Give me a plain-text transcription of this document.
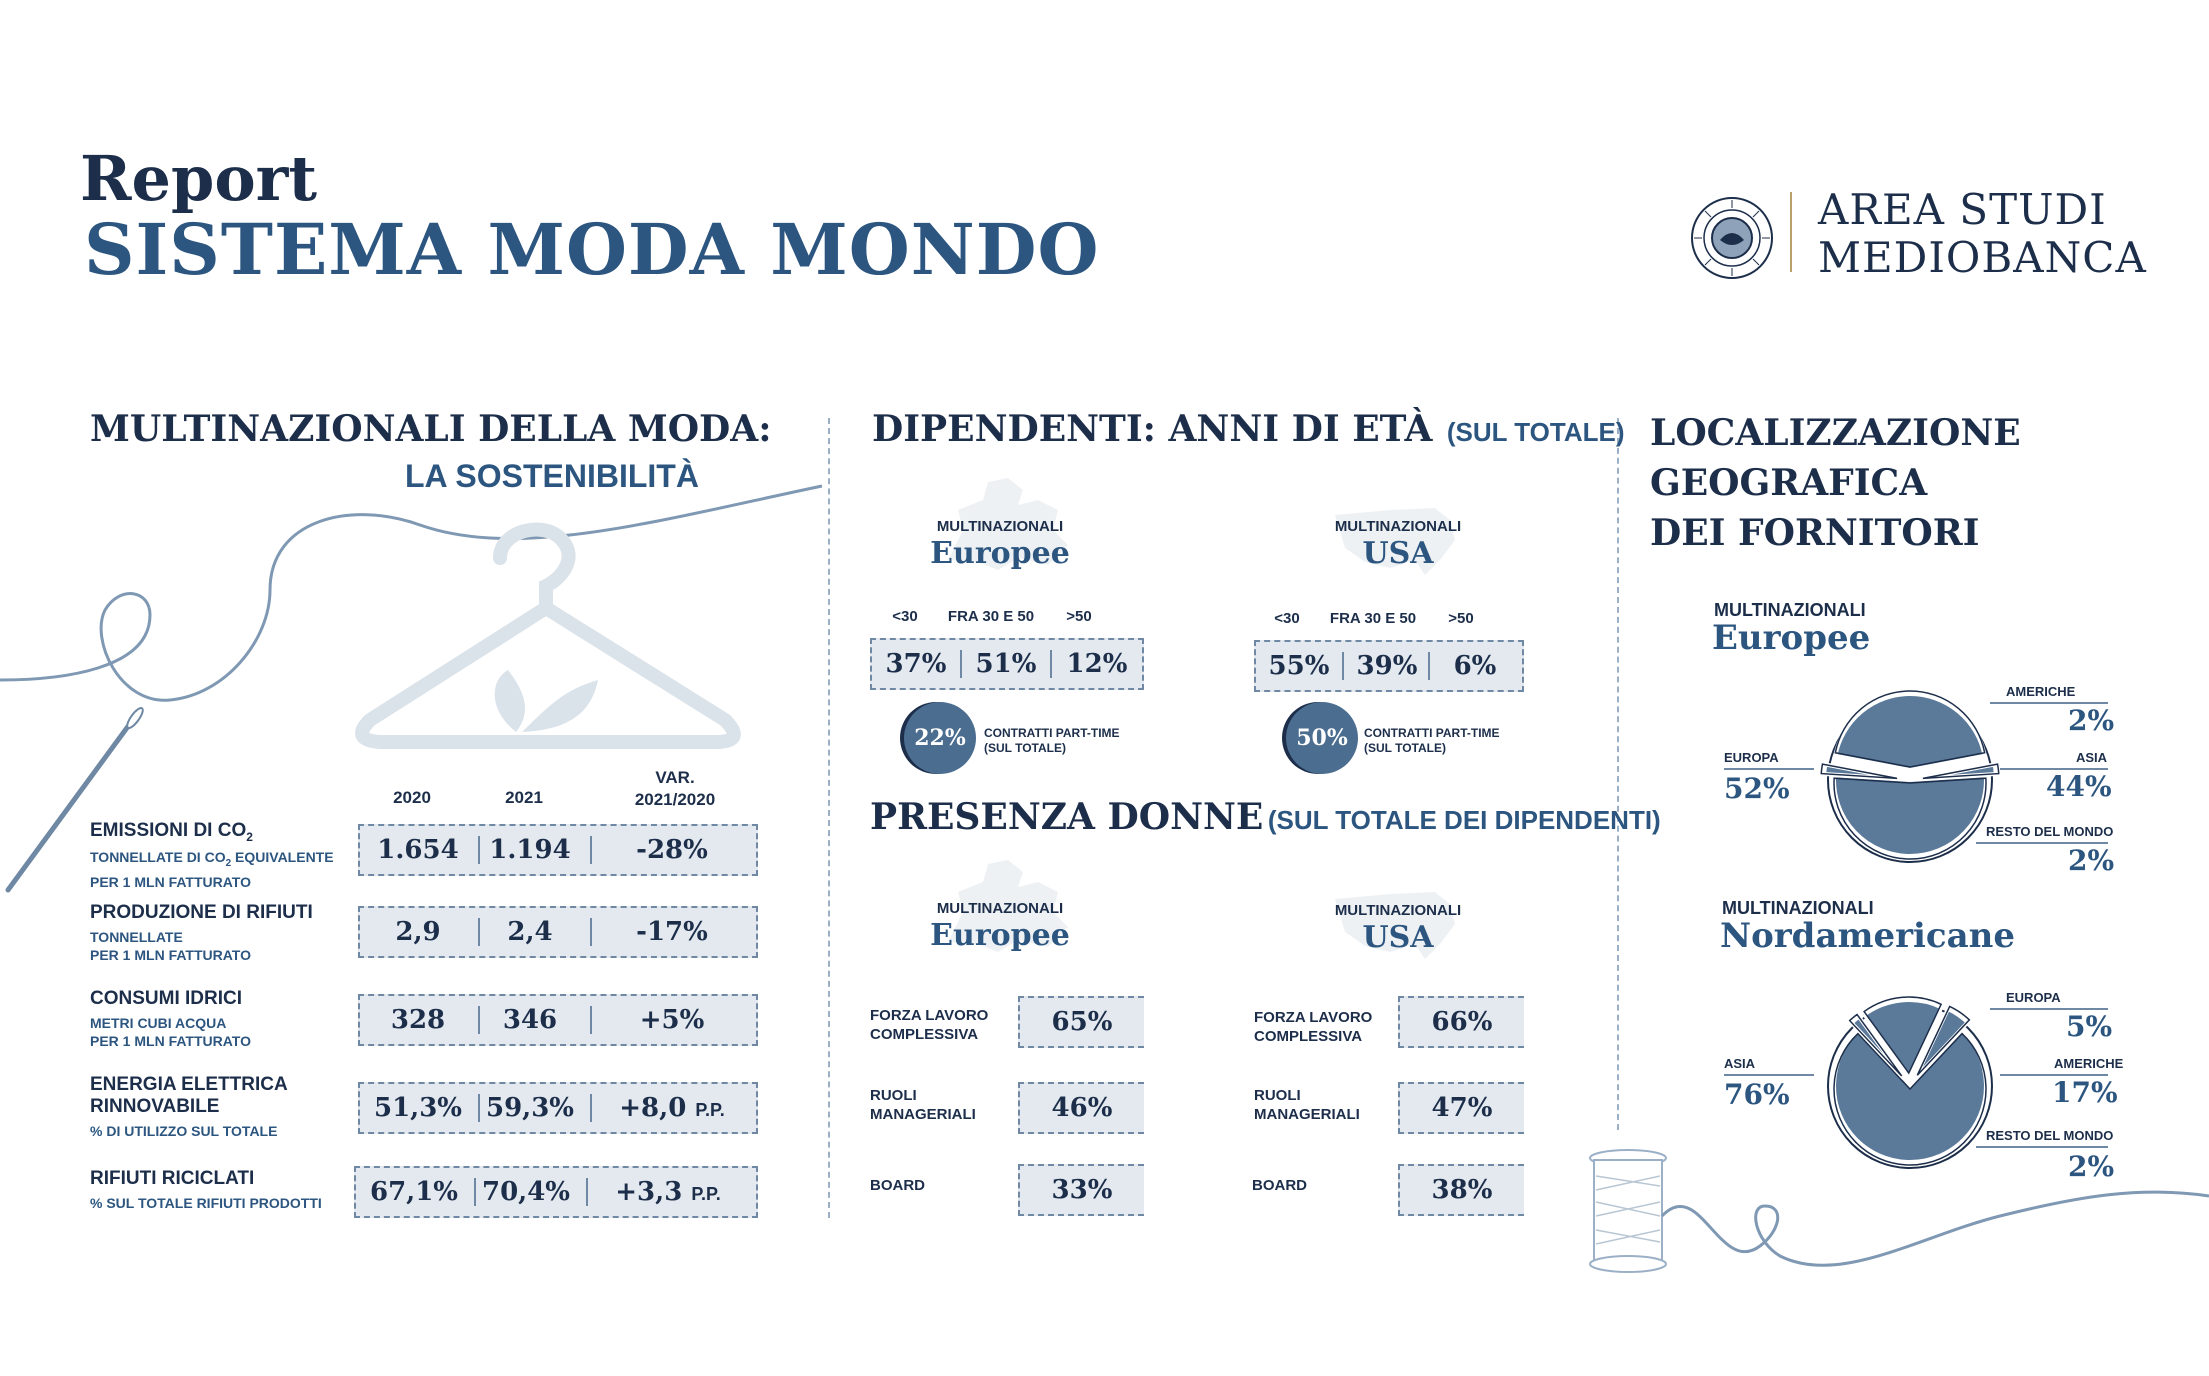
Report
SISTEMA MODA MONDO	AREA STUDI
MEDIOBANCA
MULTINAZIONALI DELLA MODA:
LA SOSTENIBILITÀ
2020	2021
VAR.
2021/2020
EMISSIONI DI $CO_2$
TONNELLATE DI $CO_2$ EQUIVALENTE
PER 1 MLN FATTURATO
1.654	1.194	-28%
PRODUZIONE DI RIFIUTI
TONNELLATE
PER 1 MLN FATTURATO
2,9	2,4	-17%
CONSUMI IDRICI
METRI CUBI ACQUA
PER 1 MLN FATTURATO
328	346	+5%
ENERGIA ELETTRICA
RINNOVABILE
% DI UTILIZZO SUL TOTALE
51,3% 59,3%	+8,0 P.P.
RIFIUTI RICICLATI
% SUL TOTALE RIFIUTI PRODOTTI 67,1% 70,4%	+3,3 P.P.
DIPENDENTI: ANNI DI ETÀ (SUL TOTALE)
MULTINAZIONALI
Europee
<30	FRA 30 E 50	>50
37%	51%	12%
22%	CONTRATTI PART-TIME
(SUL TOTALE)
MULTINAZIONALI
USA
<30	FRA 30 E 50	>50
55%	39%	6%
50%	CONTRATTI PART-TIME
(SUL TOTALE)
PRESENZA DONNE (SUL TOTALE DEI DIPENDENTI)
MULTINAZIONALI
Europee
MULTINAZIONALI
USA
FORZA LAVORO
COMPLESSIVA	65%
RUOLI
MANAGERIALI	46%
BOARD	33%
FORZA LAVORO
COMPLESSIVA	66%
RUOLI
MANAGERIALI	47%
BOARD	38%
LOCALIZZAZIONE
GEOGRAFICA
DEI FORNITORI
MULTINAZIONALI
Europee
EUROPA
52%
AMERICHE
2%
ASIA
44%
RESTO DEL MONDO
2%
MULTINAZIONALI
Nordamericane
ASIA
76%
EUROPA
5%
AMERICHE
17%
RESTO DEL MONDO
2%
